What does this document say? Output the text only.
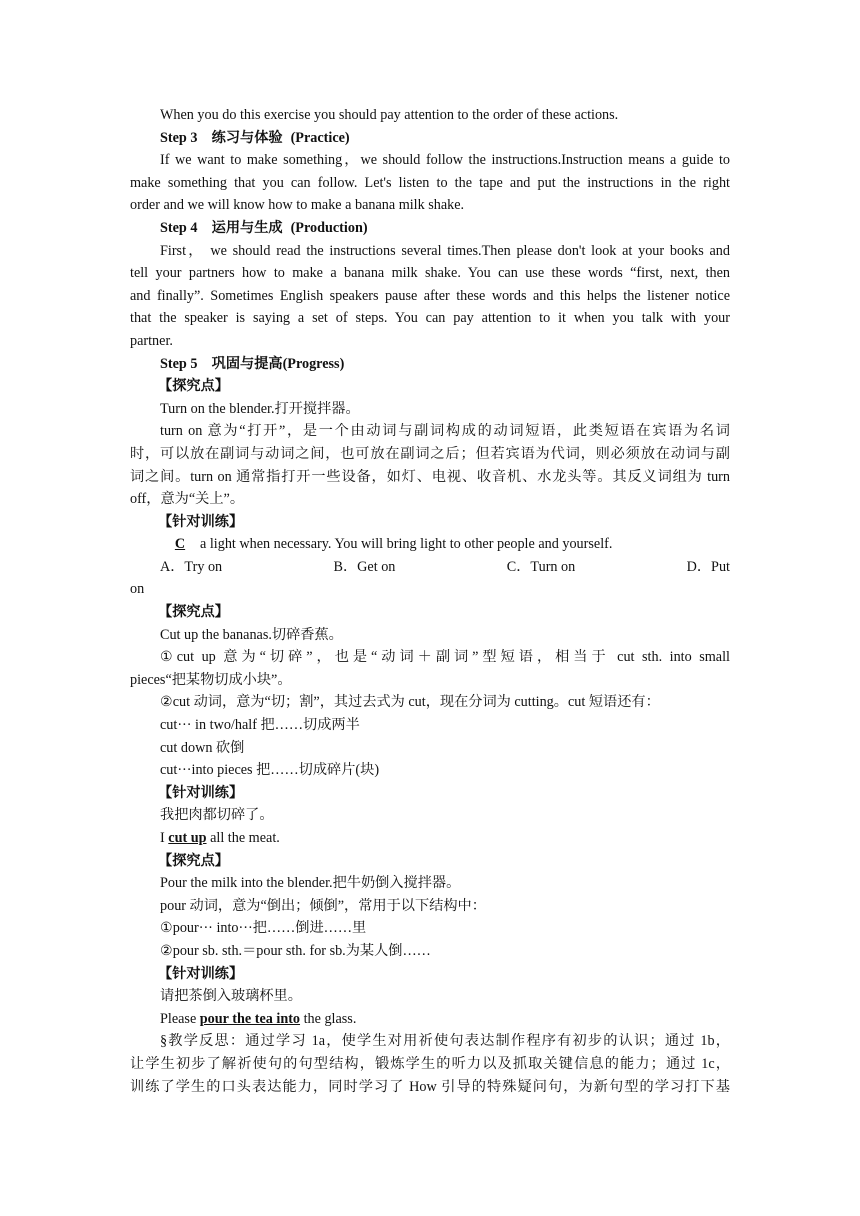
When you do this exercise you should pay attention to the order of these actions.
Step 3　练习与体验 (Practice)
If we want to make something，we should follow the instructions.Instruction means a guide to
make something that you can follow. Let's listen to the tape and put the instructions in the right
order and we will know how to make a banana milk shake.
Step 4　运用与生成 (Production)
First， we should read the instructions several times.Then please don't look at your books and
tell your partners how to make a banana milk shake. You can use these words “first, next, then
and finally”. Sometimes English speakers pause after these words and this helps the listener notice
that the speaker is saying a set of steps. You can pay attention to it when you talk with your
partner.
Step 5　巩固与提高(Progress)
【探究点】
Turn on the blender.打开搅拌器。
turn on 意为“打开”，是一个由动词与副词构成的动词短语，此类短语在宾语为名词
时，可以放在副词与动词之间，也可放在副词之后；但若宾语为代词，则必须放在动词与副
词之间。turn on 通常指打开一些设备，如灯、电视、收音机、水龙头等。其反义词组为 turn
off，意为“关上”。
【针对训练】
C a light when necessary. You will bring light to other people and yourself.
A．Try on	B．Get on	C．Turn on	D．Put
on
【探究点】
Cut up the bananas.切碎香蕉。
①cut up 意为“切碎”，也是“动词＋副词”型短语，相当于 cut sth. into small
pieces“把某物切成小块”。
②cut 动词，意为“切；割”，其过去式为 cut，现在分词为 cutting。cut 短语还有：
cut··· in two/half 把……切成两半
cut down 砍倒
cut···into pieces 把……切成碎片(块)
【针对训练】
我把肉都切碎了。
I cut up all the meat.
【探究点】
Pour the milk into the blender.把牛奶倒入搅拌器。
pour 动词，意为“倒出；倾倒”，常用于以下结构中：
①pour··· into···把……倒进……里
②pour sb. sth.＝pour sth. for sb.为某人倒……
【针对训练】
请把茶倒入玻璃杯里。
Please pour the tea into the glass.
§教学反思：通过学习 1a，使学生对用祈使句表达制作程序有初步的认识；通过 1b，
让学生初步了解祈使句的句型结构，锻炼学生的听力以及抓取关键信息的能力；通过 1c，
训练了学生的口头表达能力，同时学习了 How 引导的特殊疑问句，为新句型的学习打下基
